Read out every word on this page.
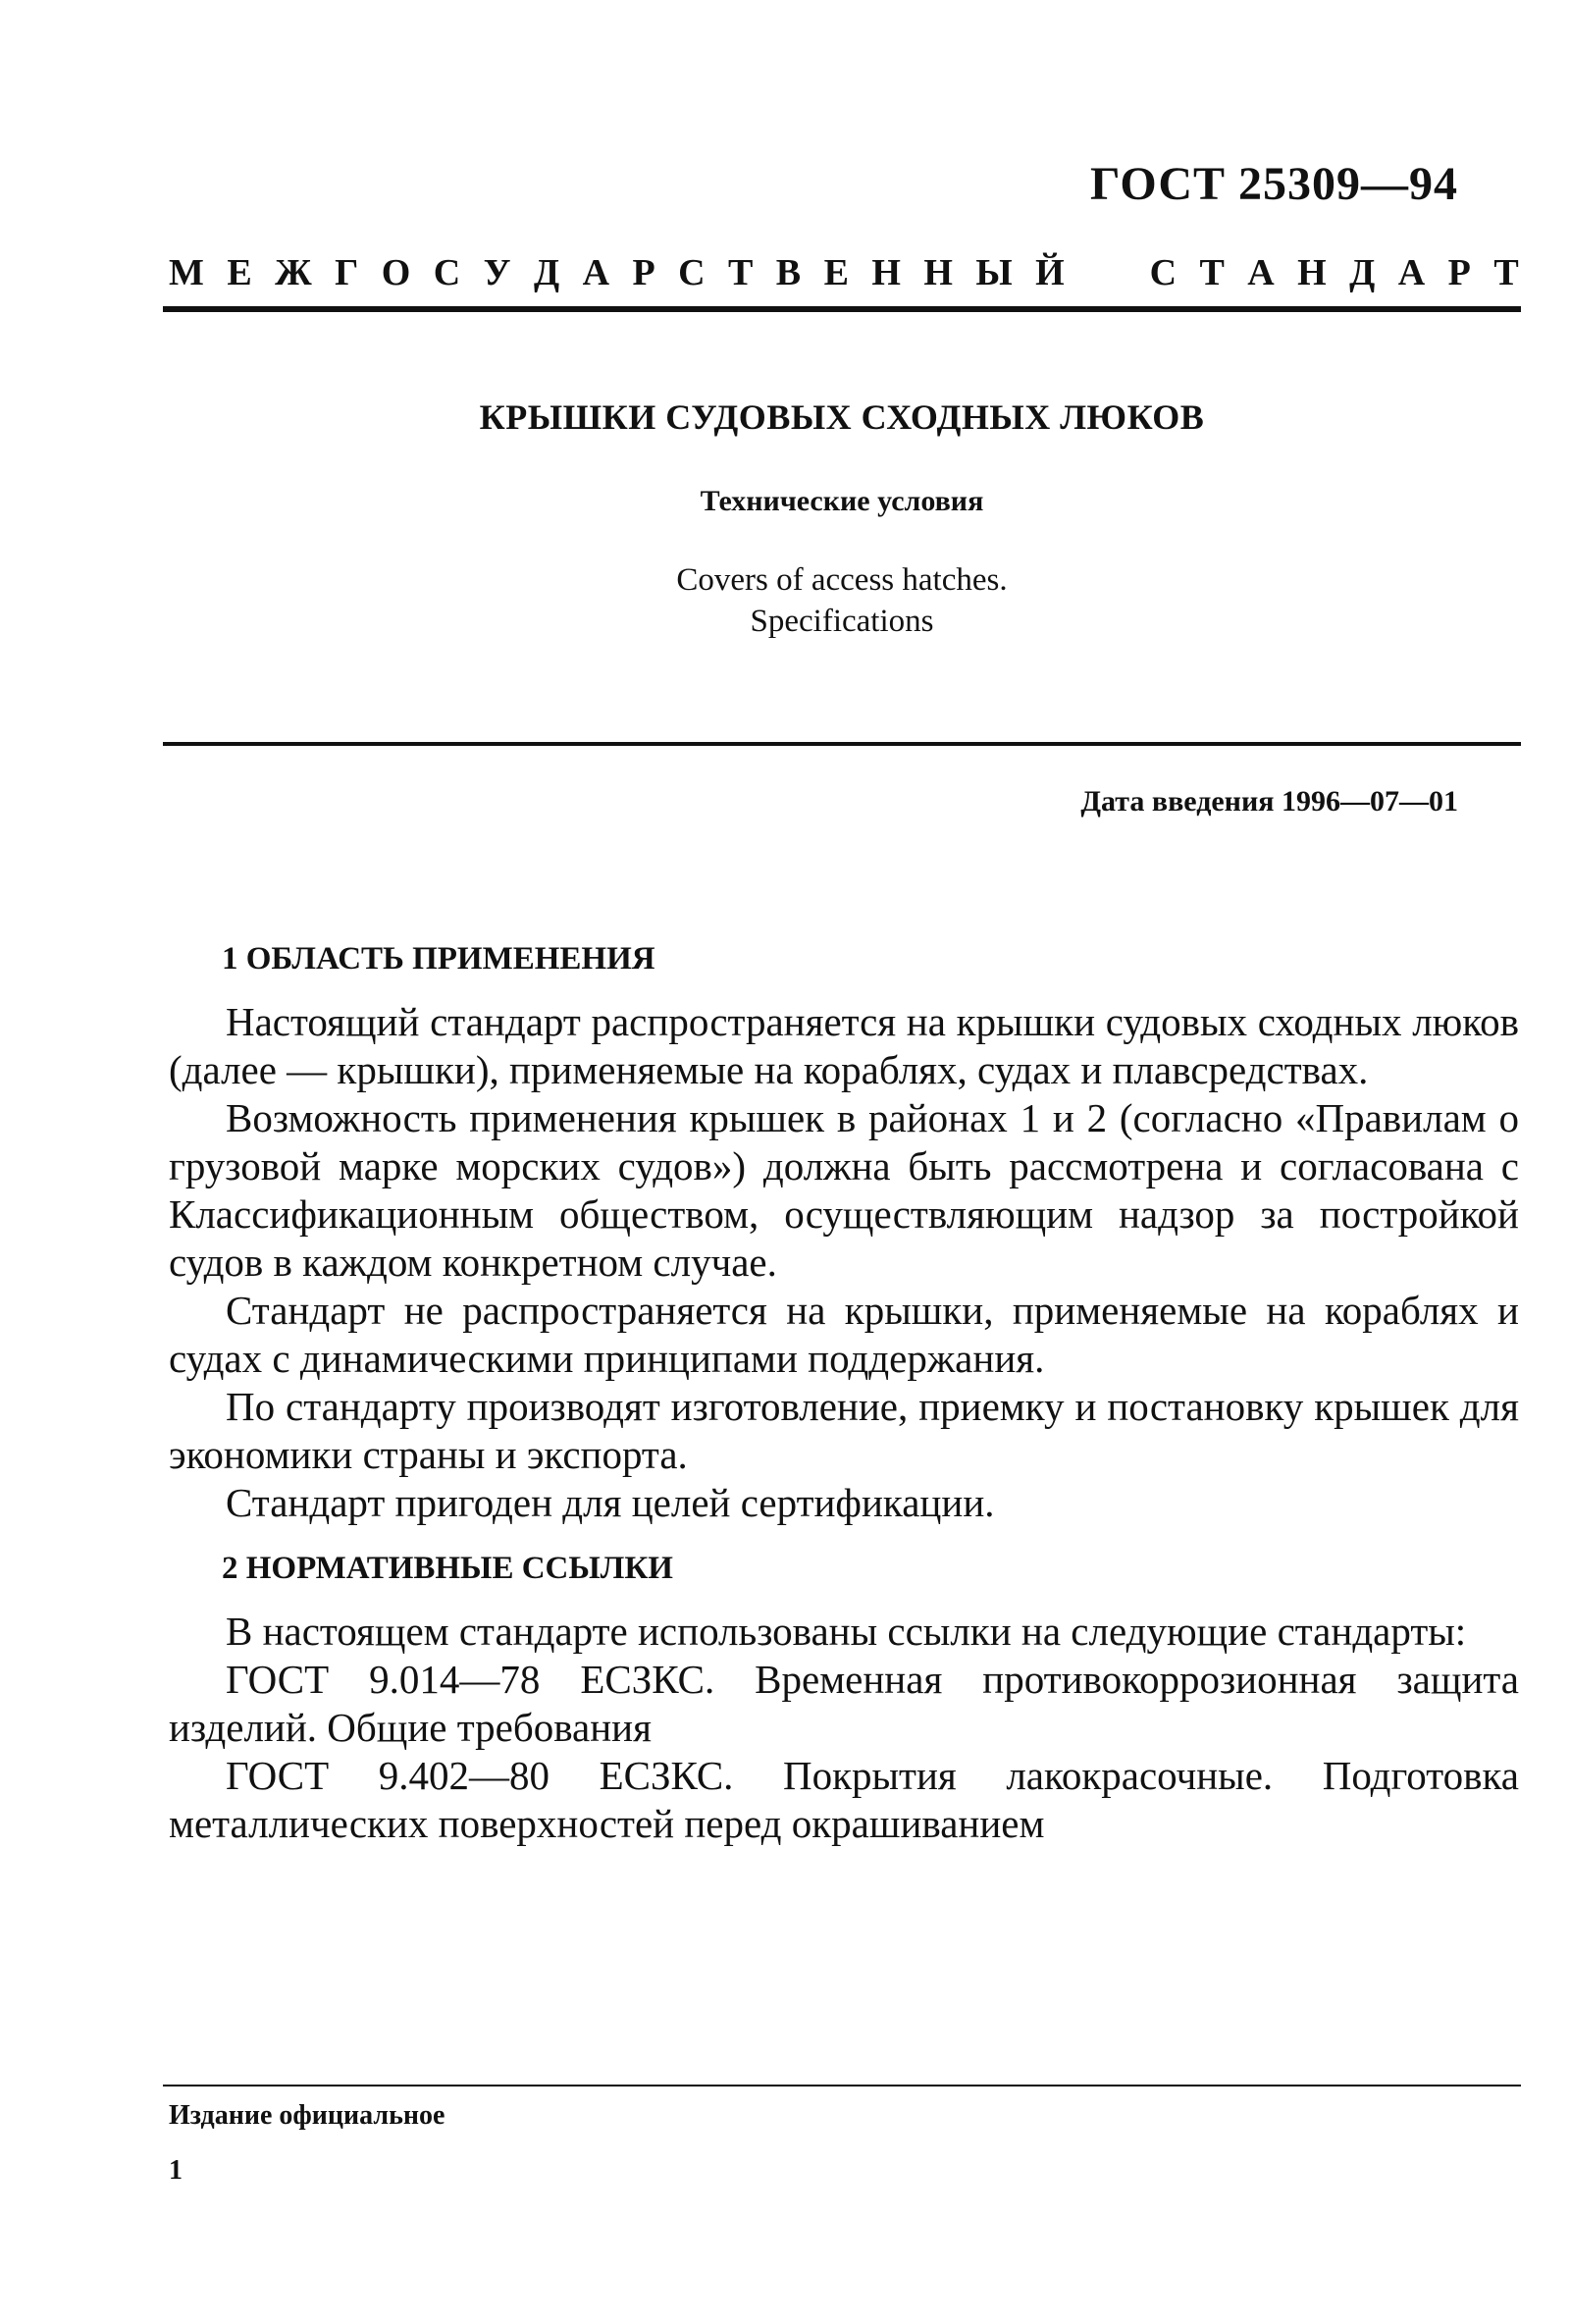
ГОСТ 25309—94
М Е Ж Г О С У Д А Р С Т В Е Н Н Ы Й С Т А Н Д А Р Т
КРЫШКИ СУДОВЫХ СХОДНЫХ ЛЮКОВ
Технические условия
Covers of access hatches.
Specifications
Дата введения 1996—07—01
1 ОБЛАСТЬ ПРИМЕНЕНИЯ

Настоящий стандарт распространяется на крышки судовых сходных люков (далее — крышки), применяемые на кораблях, судах и плавсредствах.

Возможность применения крышек в районах 1 и 2 (согласно «Правилам о грузовой марке морских судов») должна быть рассмотрена и согласована с Классификационным обществом, осуществляющим надзор за постройкой судов в каждом конкретном случае.

Стандарт не распространяется на крышки, применяемые на кораблях и судах с динамическими принципами поддержания.

По стандарту производят изготовление, приемку и постановку крышек для экономики страны и экспорта.

Стандарт пригоден для целей сертификации.

2 НОРМАТИВНЫЕ ССЫЛКИ

В настоящем стандарте использованы ссылки на следующие стандарты:

ГОСТ 9.014—78 ЕСЗКС. Временная противокоррозионная защита изделий. Общие требования

ГОСТ 9.402—80 ЕСЗКС. Покрытия лакокрасочные. Подготовка металлических поверхностей перед окрашиванием

Издание официальное
1
